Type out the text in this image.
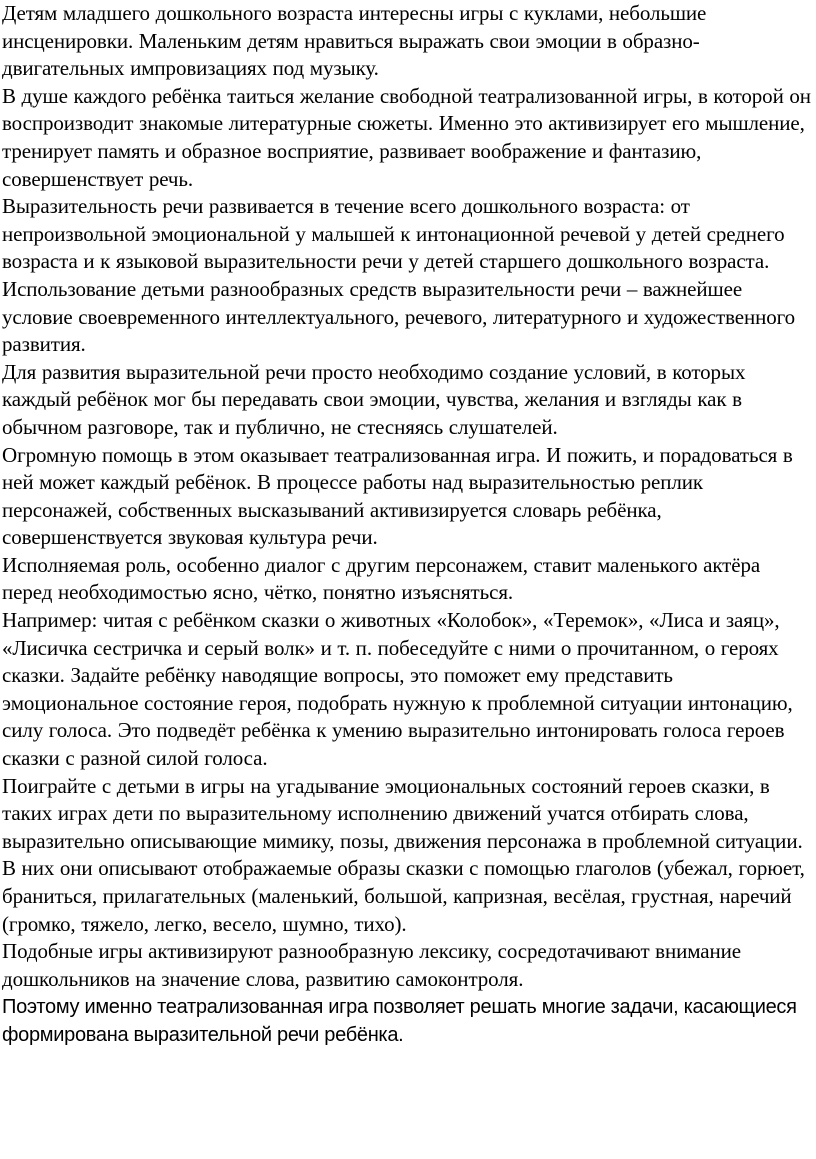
Детям младшего дошкольного возраста интересны игры с куклами, небольшие инсценировки. Маленьким детям нравиться выражать свои эмоции в образно-двигательных импровизациях под музыку.

В душе каждого ребёнка таиться желание свободной театрализованной игры, в которой он воспроизводит знакомые литературные сюжеты. Именно это активизирует его мышление, тренирует память и образное восприятие, развивает воображение и фантазию, совершенствует речь.

Выразительность речи развивается в течение всего дошкольного возраста: от непроизвольной эмоциональной у малышей к интонационной речевой у детей среднего возраста и к языковой выразительности речи у детей старшего дошкольного возраста.

Использование детьми разнообразных средств выразительности речи – важнейшее условие своевременного интеллектуального, речевого, литературного и художественного развития.

Для развития выразительной речи просто необходимо создание условий, в которых каждый ребёнок мог бы передавать свои эмоции, чувства, желания и взгляды как в обычном разговоре, так и публично, не стесняясь слушателей.

Огромную помощь в этом оказывает театрализованная игра. И пожить, и порадоваться в ней может каждый ребёнок. В процессе работы над выразительностью реплик персонажей, собственных высказываний активизируется словарь ребёнка, совершенствуется звуковая культура речи.

Исполняемая роль, особенно диалог с другим персонажем, ставит маленького актёра перед необходимостью ясно, чётко, понятно изъясняться.

Например: читая с ребёнком сказки о животных «Колобок», «Теремок», «Лиса и заяц», «Лисичка сестричка и серый волк» и т. п. побеседуйте с ними о прочитанном, о героях сказки. Задайте ребёнку наводящие вопросы, это поможет ему представить эмоциональное состояние героя, подобрать нужную к проблемной ситуации интонацию, силу голоса. Это подведёт ребёнка к умению выразительно интонировать голоса героев сказки с разной силой голоса.

Поиграйте с детьми в игры на угадывание эмоциональных состояний героев сказки, в таких играх дети по выразительному исполнению движений учатся отбирать слова, выразительно описывающие мимику, позы, движения персонажа в проблемной ситуации.

В них они описывают отображаемые образы сказки с помощью глаголов (убежал, горюет, браниться, прилагательных (маленький, большой, капризная, весёлая, грустная, наречий (громко, тяжело, легко, весело, шумно, тихо).

Подобные игры активизируют разнообразную лексику, сосредотачивают внимание дошкольников на значение слова, развитию самоконтроля.

Поэтому именно театрализованная игра позволяет решать многие задачи, касающиеся формирована выразительной речи ребёнка.
